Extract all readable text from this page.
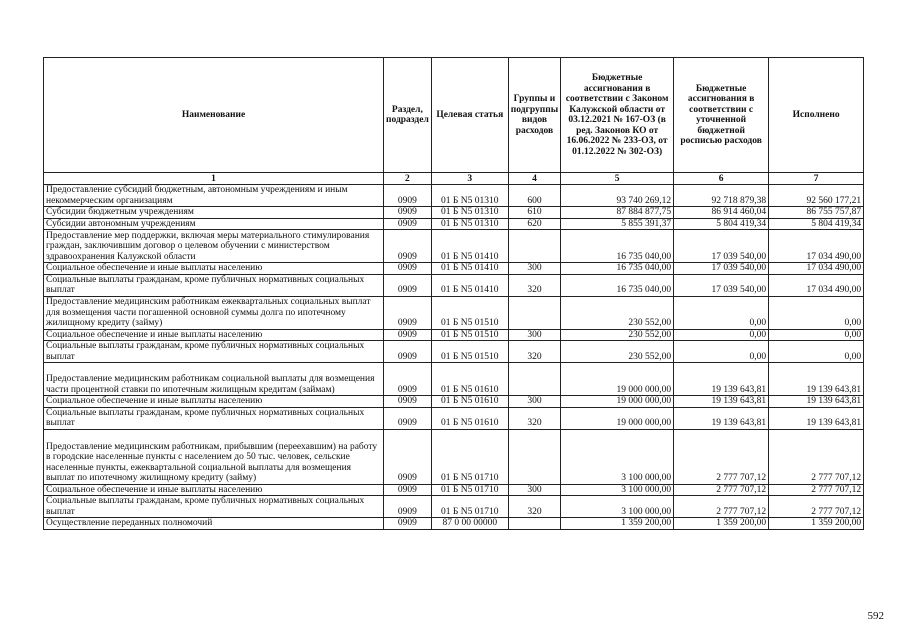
Наименование	Раздел, подраздел	Целевая статья	Группы и подгруппы видов расходов	Бюджетные ассигнования в соответствии с Законом Калужской области от 03.12.2021 № 167-ОЗ (в ред. Законов КО от 16.06.2022 № 233-ОЗ, от 01.12.2022 № 302-ОЗ)	Бюджетные ассигнования в соответствии с уточненной бюджетной росписью расходов	Исполнено
1	2	3	4	5	6	7
Предоставление субсидий бюджетным, автономным учреждениям и иным некоммерческим организациям	0909	01 Б N5 01310	600	93 740 269,12	92 718 879,38	92 560 177,21
Субсидии бюджетным учреждениям	0909	01 Б N5 01310	610	87 884 877,75	86 914 460,04	86 755 757,87
Субсидии автономным учреждениям	0909	01 Б N5 01310	620	5 855 391,37	5 804 419,34	5 804 419,34
Предоставление мер поддержки, включая меры материального стимулирования граждан, заключившим договор о целевом обучении с министерством здравоохранения Калужской области	0909	01 Б N5 01410		16 735 040,00	17 039 540,00	17 034 490,00
Социальное обеспечение и иные выплаты населению	0909	01 Б N5 01410	300	16 735 040,00	17 039 540,00	17 034 490,00
Социальные выплаты гражданам, кроме публичных нормативных социальных выплат	0909	01 Б N5 01410	320	16 735 040,00	17 039 540,00	17 034 490,00
Предоставление медицинским работникам ежеквартальных социальных выплат для возмещения части погашенной основной суммы долга по ипотечному жилищному кредиту (займу)	0909	01 Б N5 01510		230 552,00	0,00	0,00
Социальное обеспечение и иные выплаты населению	0909	01 Б N5 01510	300	230 552,00	0,00	0,00
Социальные выплаты гражданам, кроме публичных нормативных социальных выплат	0909	01 Б N5 01510	320	230 552,00	0,00	0,00
Предоставление медицинским работникам социальной выплаты для возмещения части процентной ставки по ипотечным жилищным кредитам (займам)	0909	01 Б N5 01610		19 000 000,00	19 139 643,81	19 139 643,81
Социальное обеспечение и иные выплаты населению	0909	01 Б N5 01610	300	19 000 000,00	19 139 643,81	19 139 643,81
Социальные выплаты гражданам, кроме публичных нормативных социальных выплат	0909	01 Б N5 01610	320	19 000 000,00	19 139 643,81	19 139 643,81
Предоставление медицинским работникам, прибывшим (переехавшим) на работу в городские населенные пункты с населением до 50 тыс. человек, сельские населенные пункты, ежеквартальной социальной выплаты для возмещения выплат по ипотечному жилищному кредиту (займу)	0909	01 Б N5 01710		3 100 000,00	2 777 707,12	2 777 707,12
Социальное обеспечение и иные выплаты населению	0909	01 Б N5 01710	300	3 100 000,00	2 777 707,12	2 777 707,12
Социальные выплаты гражданам, кроме публичных нормативных социальных выплат	0909	01 Б N5 01710	320	3 100 000,00	2 777 707,12	2 777 707,12
Осуществление переданных полномочий	0909	87 0 00 00000		1 359 200,00	1 359 200,00	1 359 200,00
592
